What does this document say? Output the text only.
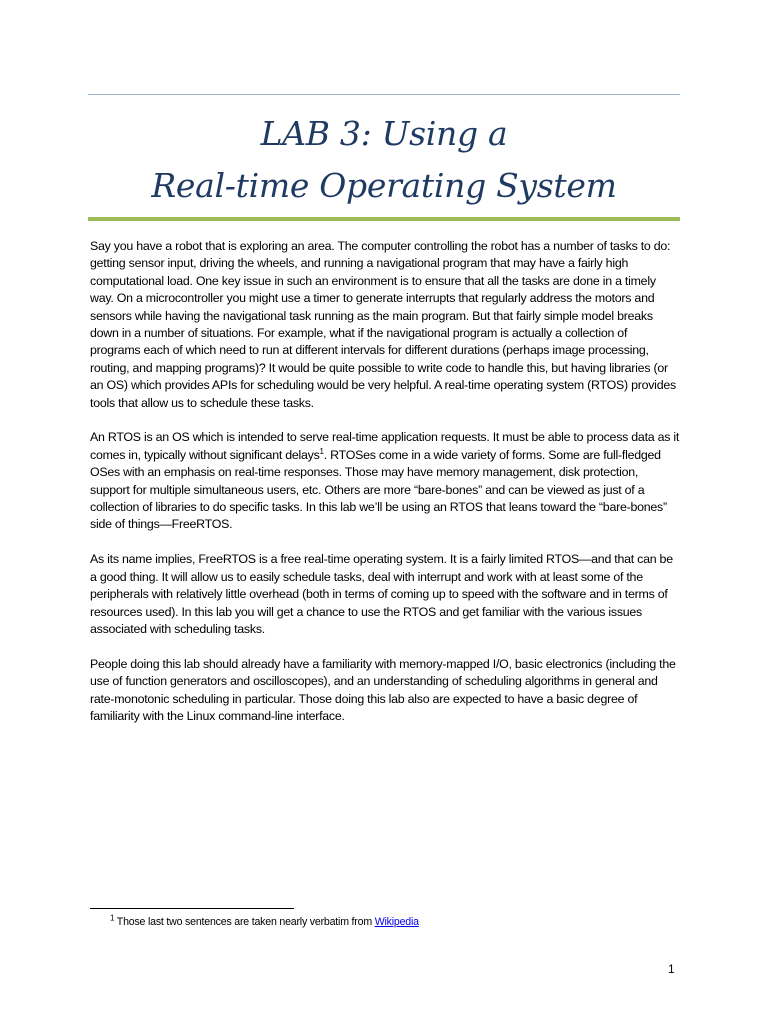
LAB 3: Using a
Real-time Operating System

Say you have a robot that is exploring an area. The computer controlling the robot has a number of tasks to do: getting sensor input, driving the wheels, and running a navigational program that may have a fairly high computational load. One key issue in such an environment is to ensure that all the tasks are done in a timely way. On a microcontroller you might use a timer to generate interrupts that regularly address the motors and sensors while having the navigational task running as the main program. But that fairly simple model breaks down in a number of situations. For example, what if the navigational program is actually a collection of programs each of which need to run at different intervals for different durations (perhaps image processing, routing, and mapping programs)? It would be quite possible to write code to handle this, but having libraries (or an OS) which provides APIs for scheduling would be very helpful. A real-time operating system (RTOS) provides tools that allow us to schedule these tasks.

An RTOS is an OS which is intended to serve real-time application requests. It must be able to process data as it comes in, typically without significant delays$^1$. RTOSes come in a wide variety of forms. Some are full-fledged OSes with an emphasis on real-time responses. Those may have memory management, disk protection, support for multiple simultaneous users, etc. Others are more “bare-bones” and can be viewed as just of a collection of libraries to do specific tasks. In this lab we’ll be using an RTOS that leans toward the “bare-bones” side of things—FreeRTOS.

As its name implies, FreeRTOS is a free real-time operating system. It is a fairly limited RTOS—and that can be a good thing. It will allow us to easily schedule tasks, deal with interrupt and work with at least some of the peripherals with relatively little overhead (both in terms of coming up to speed with the software and in terms of resources used). In this lab you will get a chance to use the RTOS and get familiar with the various issues associated with scheduling tasks.

People doing this lab should already have a familiarity with memory-mapped I/O, basic electronics (including the use of function generators and oscilloscopes), and an understanding of scheduling algorithms in general and rate-monotonic scheduling in particular. Those doing this lab also are expected to have a basic degree of familiarity with the Linux command-line interface.

$^1$ Those last two sentences are taken nearly verbatim from Wikipedia
1
